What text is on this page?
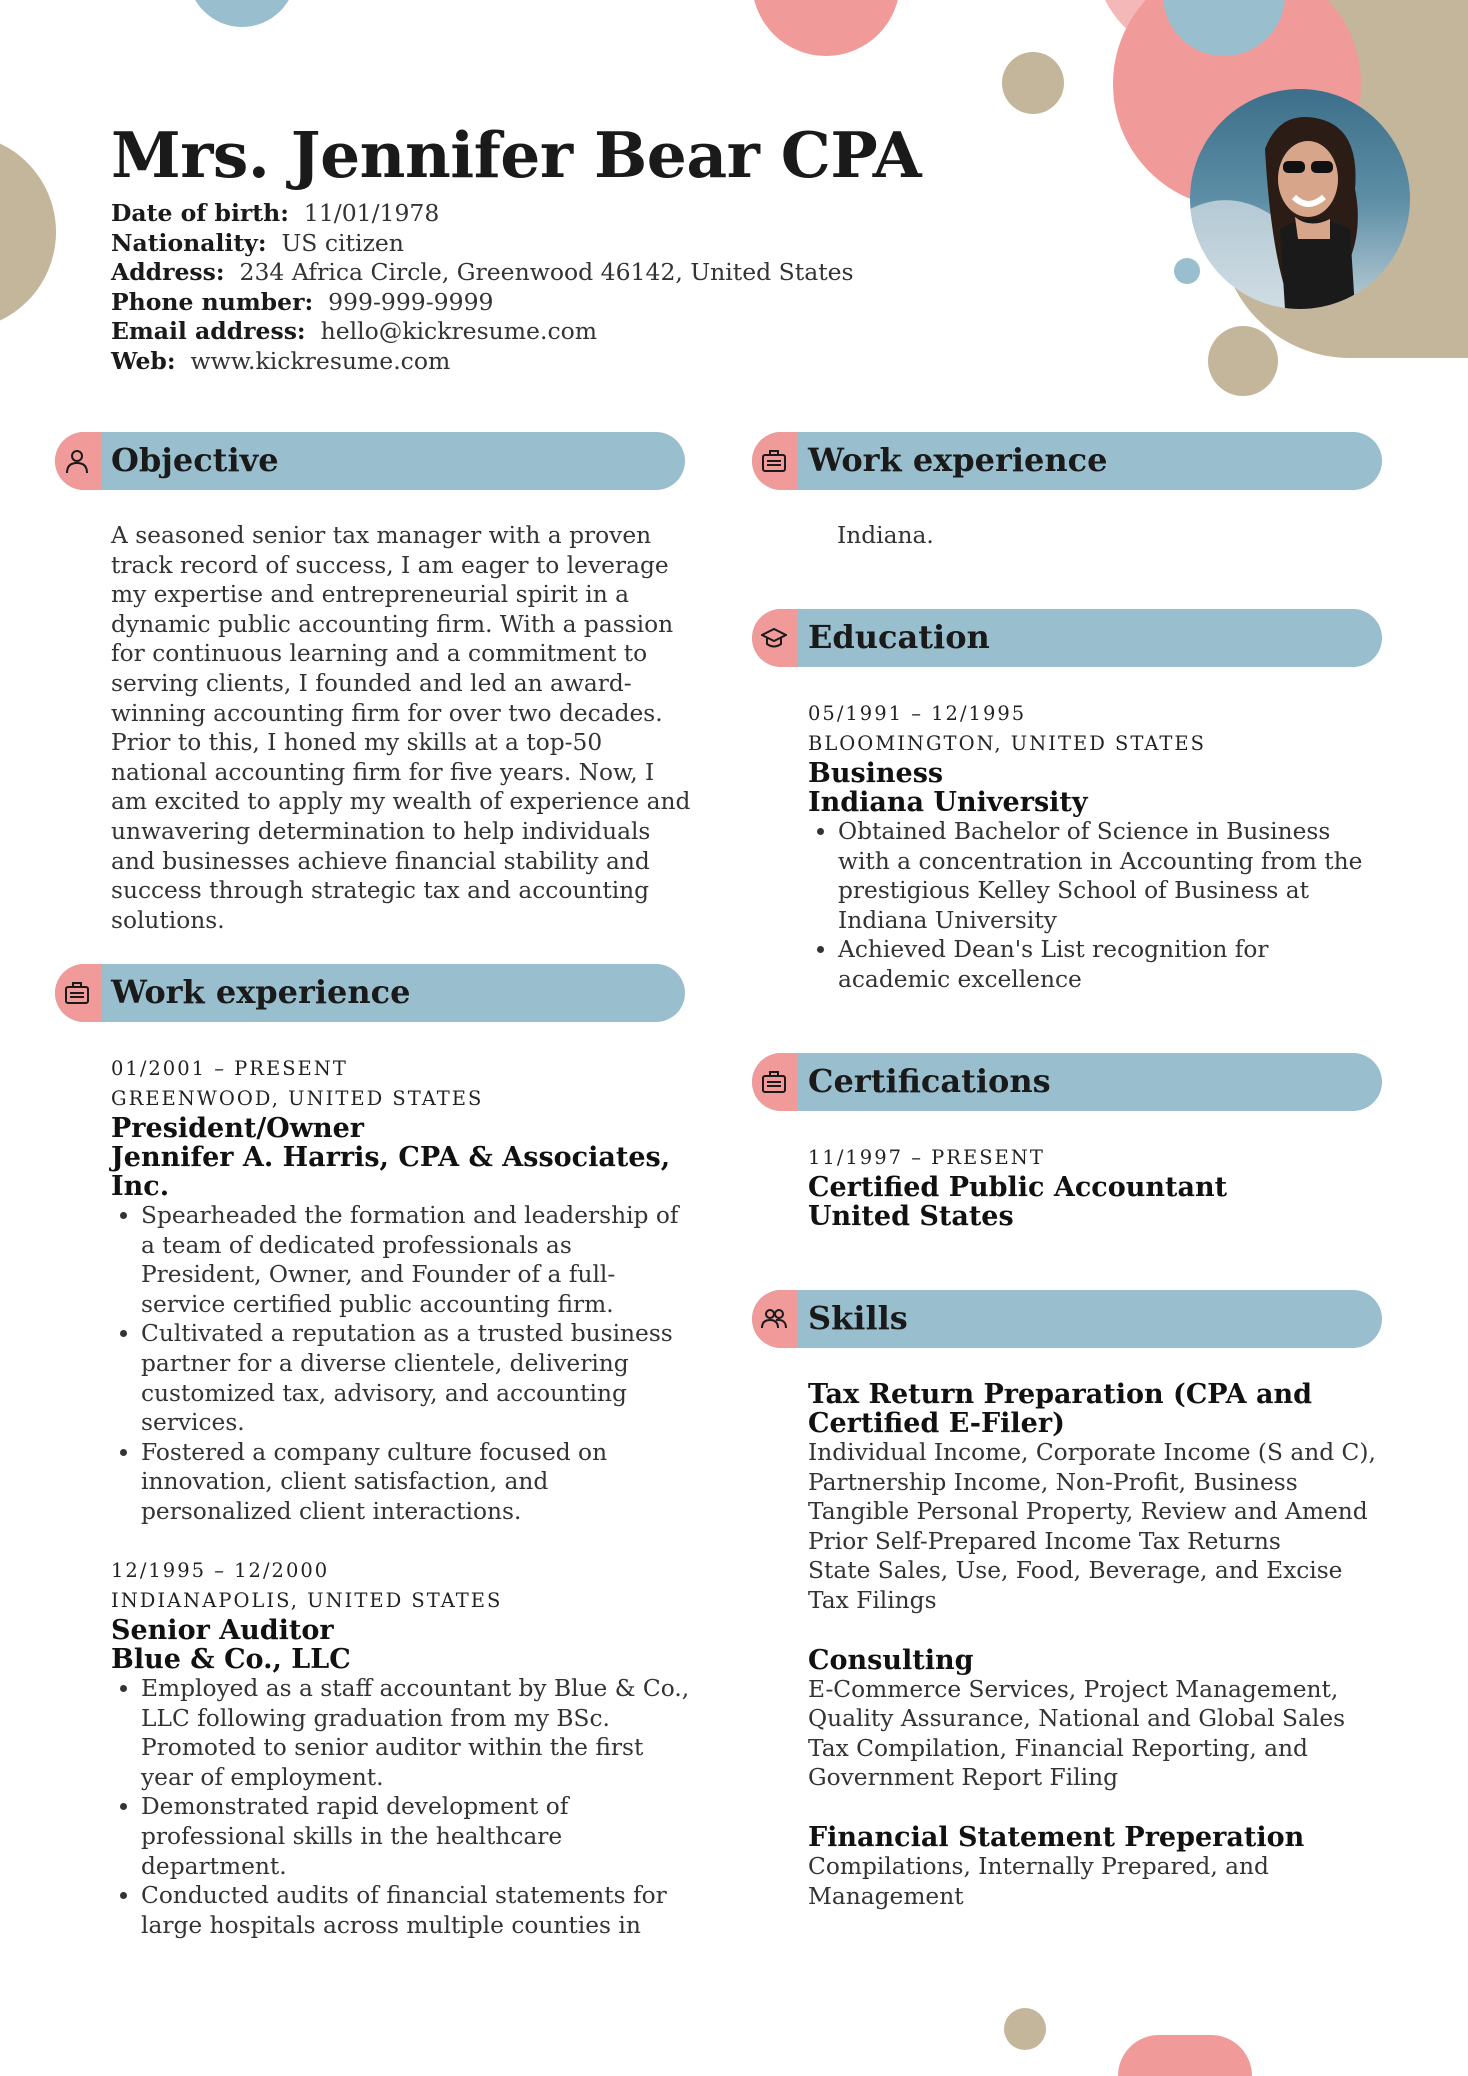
Mrs. Jennifer Bear CPA
Date of birth: 11/01/1978
Nationality: US citizen
Address: 234 Africa Circle, Greenwood 46142, United States
Phone number: 999-999-9999
Email address: hello@kickresume.com
Web: www.kickresume.com
Objective
A seasoned senior tax manager with a proven track record of success, I am eager to leverage my expertise and entrepreneurial spirit in a dynamic public accounting firm. With a passion for continuous learning and a commitment to serving clients, I founded and led an award-winning accounting firm for over two decades. Prior to this, I honed my skills at a top-50 national accounting firm for five years. Now, I am excited to apply my wealth of experience and unwavering determination to help individuals and businesses achieve financial stability and success through strategic tax and accounting solutions.
Work experience
01/2001 – PRESENT
GREENWOOD, UNITED STATES
President/Owner
Jennifer A. Harris, CPA & Associates, Inc.
• Spearheaded the formation and leadership of a team of dedicated professionals as President, Owner, and Founder of a full-service certified public accounting firm.
• Cultivated a reputation as a trusted business partner for a diverse clientele, delivering customized tax, advisory, and accounting services.
• Fostered a company culture focused on innovation, client satisfaction, and personalized client interactions.
12/1995 – 12/2000
INDIANAPOLIS, UNITED STATES
Senior Auditor
Blue & Co., LLC
• Employed as a staff accountant by Blue & Co., LLC following graduation from my BSc. Promoted to senior auditor within the first year of employment.
• Demonstrated rapid development of professional skills in the healthcare department.
• Conducted audits of financial statements for large hospitals across multiple counties in
Work experience
Indiana.
Education
05/1991 – 12/1995
BLOOMINGTON, UNITED STATES
Business
Indiana University
• Obtained Bachelor of Science in Business with a concentration in Accounting from the prestigious Kelley School of Business at Indiana University
• Achieved Dean's List recognition for academic excellence
Certifications
11/1997 – PRESENT
Certified Public Accountant
United States
Skills
Tax Return Preparation (CPA and Certified E-Filer)
Individual Income, Corporate Income (S and C), Partnership Income, Non-Profit, Business Tangible Personal Property, Review and Amend Prior Self-Prepared Income Tax Returns
State Sales, Use, Food, Beverage, and Excise Tax Filings
Consulting
E-Commerce Services, Project Management, Quality Assurance, National and Global Sales Tax Compilation, Financial Reporting, and Government Report Filing
Financial Statement Preperation
Compilations, Internally Prepared, and Management
